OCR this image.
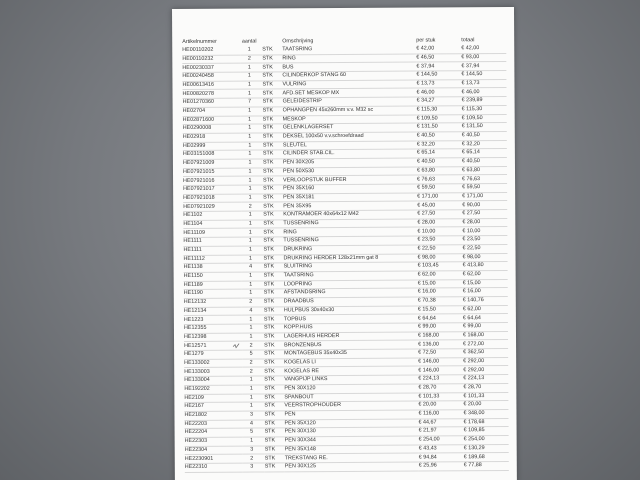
Artikelnummer	aantal		Omschrijving	per stuk	totaal
HE00110202	1	STK	TAATSRING	€ 42,00	€ 42,00
HE00110232	2	STK	RING	€ 46,50	€ 93,00
HE00230337	1	STK	BUS	€ 37,94	€ 37,94
HE00240458	1	STK	CILINDERKOP STANG 60	€ 144,50	€ 144,50
HE00613416	1	STK	VULRING	€ 13,73	€ 13,73
HE00820278	1	STK	AFD.SET MESKOP MX	€ 46,00	€ 46,00
HE01270360	7	STK	GELEIDESTRIP	€ 34,27	€ 239,89
HE02704	1	STK	OPHANGPEN 45x260mm v.v. M32 sc	€ 115,30	€ 115,30
HE02871600	1	STK	MESKOP	€ 109,50	€ 109,50
HE0290008	1	STK	GELENKLAGERSET	€ 131,50	€ 131,50
HE02918	1	STK	DEKSEL 100x50 v.v.schroefdraad	€ 40,50	€ 40,50
HE02999	1	STK	SLEUTEL	€ 32,20	€ 32,20
HE03151008	1	STK	CILINDER STAB.CIL.	€ 65,14	€ 65,14
HE07921009	1	STK	PEN 30X205	€ 40,50	€ 40,50
HE07921015	1	STK	PEN 50X530	€ 63,80	€ 63,80
HE07921016	1	STK	VERLOOPSTUK BUFFER	€ 76,63	€ 76,63
HE07921017	1	STK	PEN 35X160	€ 59,50	€ 59,50
HE07921018	1	STK	PEN 35X181	€ 171,00	€ 171,00
HE07921029	2	STK	PEN 35X95	€ 45,00	€ 90,00
HE1102	1	STK	KONTRAMOER 40x64x12 M42	€ 27,50	€ 27,50
HE1104	1	STK	TUSSENRING	€ 28,00	€ 28,00
HE11109	1	STK	RING	€ 10,00	€ 10,00
HE1111	1	STK	TUSSENRING	€ 23,50	€ 23,50
HE1111	1	STK	DRUKRING	€ 22,50	€ 22,50
HE11112	1	STK	DRUKRING HERDER 128x21mm gat 8	€ 98,00	€ 98,00
HE1138	4	STK	SLUITRING	€ 103,45	€ 413,80
HE1150	1	STK	TAATSRING	€ 62,00	€ 62,00
HE1189	1	STK	LOOPRING	€ 15,00	€ 15,00
HE1190	1	STK	AFSTANDSRING	€ 16,00	€ 16,00
HE12132	2	STK	DRAADBUS	€ 70,38	€ 140,76
HE12134	4	STK	HULPBUS 30x40x30	€ 15,50	€ 62,00
HE1223	1	STK	TOPBUS	€ 64,64	€ 64,64
HE12355	1	STK	KOPP.HUIS	€ 99,00	€ 99,00
HE12398	1	STK	LAGERHUIS HERDER	€ 168,00	€ 168,00
HE12571	2	STK	BRONZENBUS	€ 136,00	€ 272,00
HE1279	5	STK	MONTAGEBUS 35x40x35	€ 72,50	€ 362,50
HE133002	2	STK	KOGELAS LI	€ 146,00	€ 292,00
HE133003	2	STK	KOGELAS RE	€ 146,00	€ 292,00
HE133004	1	STK	VANGPIJP LINKS	€ 224,13	€ 224,13
HE192202	1	STK	PEN 30X120	€ 28,70	€ 28,70
HE2109	1	STK	SPANBOUT	€ 101,33	€ 101,33
HE2167	1	STK	VEERSTROPHOUDER	€ 20,00	€ 20,00
HE21802	3	STK	PEN	€ 116,00	€ 348,00
HE22203	4	STK	PEN 35X120	€ 44,67	€ 178,68
HE22204	5	STK	PEN 30X130	€ 21,97	€ 109,85
HE22303	1	STK	PEN 30X344	€ 254,00	€ 254,00
HE22304	3	STK	PEN 35X148	€ 43,43	€ 130,29
HE2230901	2	STK	TREKSTANG RE.	€ 94,84	€ 189,68
HE22310	3	STK	PEN 30X125	€ 25,96	€ 77,88
